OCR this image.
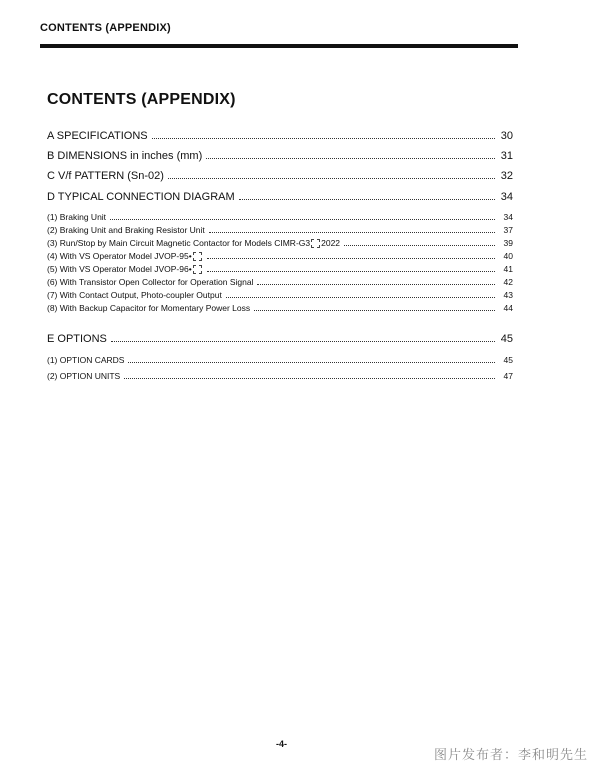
CONTENTS (APPENDIX)
CONTENTS (APPENDIX)
A SPECIFICATIONS	30
B DIMENSIONS in inches (mm)	31
C V/f PATTERN (Sn-02)	32
D TYPICAL CONNECTION DIAGRAM	34
(1) Braking Unit	34
(2) Braking Unit and Braking Resistor Unit	37
(3) Run/Stop by Main Circuit Magnetic Contactor for Models CIMR-G3 2022	39
(4) With VS Operator Model JVOP-95•	40
(5) With VS Operator Model JVOP-96•	41
(6) With Transistor Open Collector for Operation Signal	42
(7) With Contact Output, Photo-coupler Output	43
(8) With Backup Capacitor for Momentary Power Loss	44
E OPTIONS	45
(1) OPTION CARDS	45
(2) OPTION UNITS	47
-4-
图片发布者：李和明先生
